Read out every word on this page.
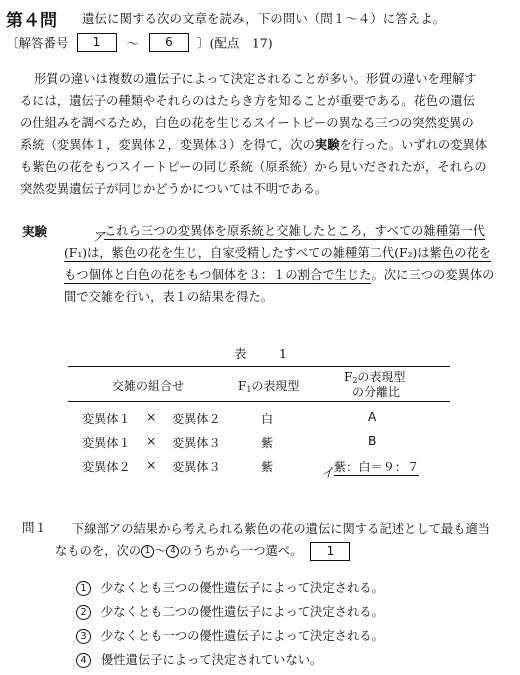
第４問 遺伝に関する次の文章を読み，下の問い（問１～４）に答えよ。
〔解答番号 1 ～ 6 〕(配点　17)
形質の違いは複数の遺伝子によって決定されることが多い。形質の違いを理解す
るには，遺伝子の種類やそれらのはたらき方を知ることが重要である。花色の遺伝
の仕組みを調べるため，白色の花を生じるスイートピーの異なる三つの突然変異の
系統（変異体１，変異体２，変異体３）を得て，次の実験を行った。いずれの変異体
も紫色の花をもつスイートピーの同じ系統（原系統）から見いだされたが，それらの
突然変異遺伝子が同じかどうかについては不明である。
実験	ア
これら三つの変異体を原系統と交雑したところ，すべての雑種第一代
(F₁)は，紫色の花を生じ，自家受精したすべての雑種第二代(F₂)は紫色の花を
もつ個体と白色の花をもつ個体を３：１の割合で生じた。次に三つの変異体の
間で交雑を行い，表１の結果を得た。
表　1
交雑の組合せ	$F_1$の表現型
$F_2$の表現型
の分離比
変異体１ × 変異体２	白	A
変異体１ × 変異体３	紫	B
変異体２ × 変異体３	紫	イ 紫：白＝９：７
問１ 下線部アの結果から考えられる紫色の花の遺伝に関する記述として最も適当
なものを，次の 1 ～ 4 のうちから一つ選べ。 1
1 少なくとも三つの優性遺伝子によって決定される。
2 少なくとも二つの優性遺伝子によって決定される。
3 少なくとも一つの優性遺伝子によって決定される。
4 優性遺伝子によって決定されていない。
